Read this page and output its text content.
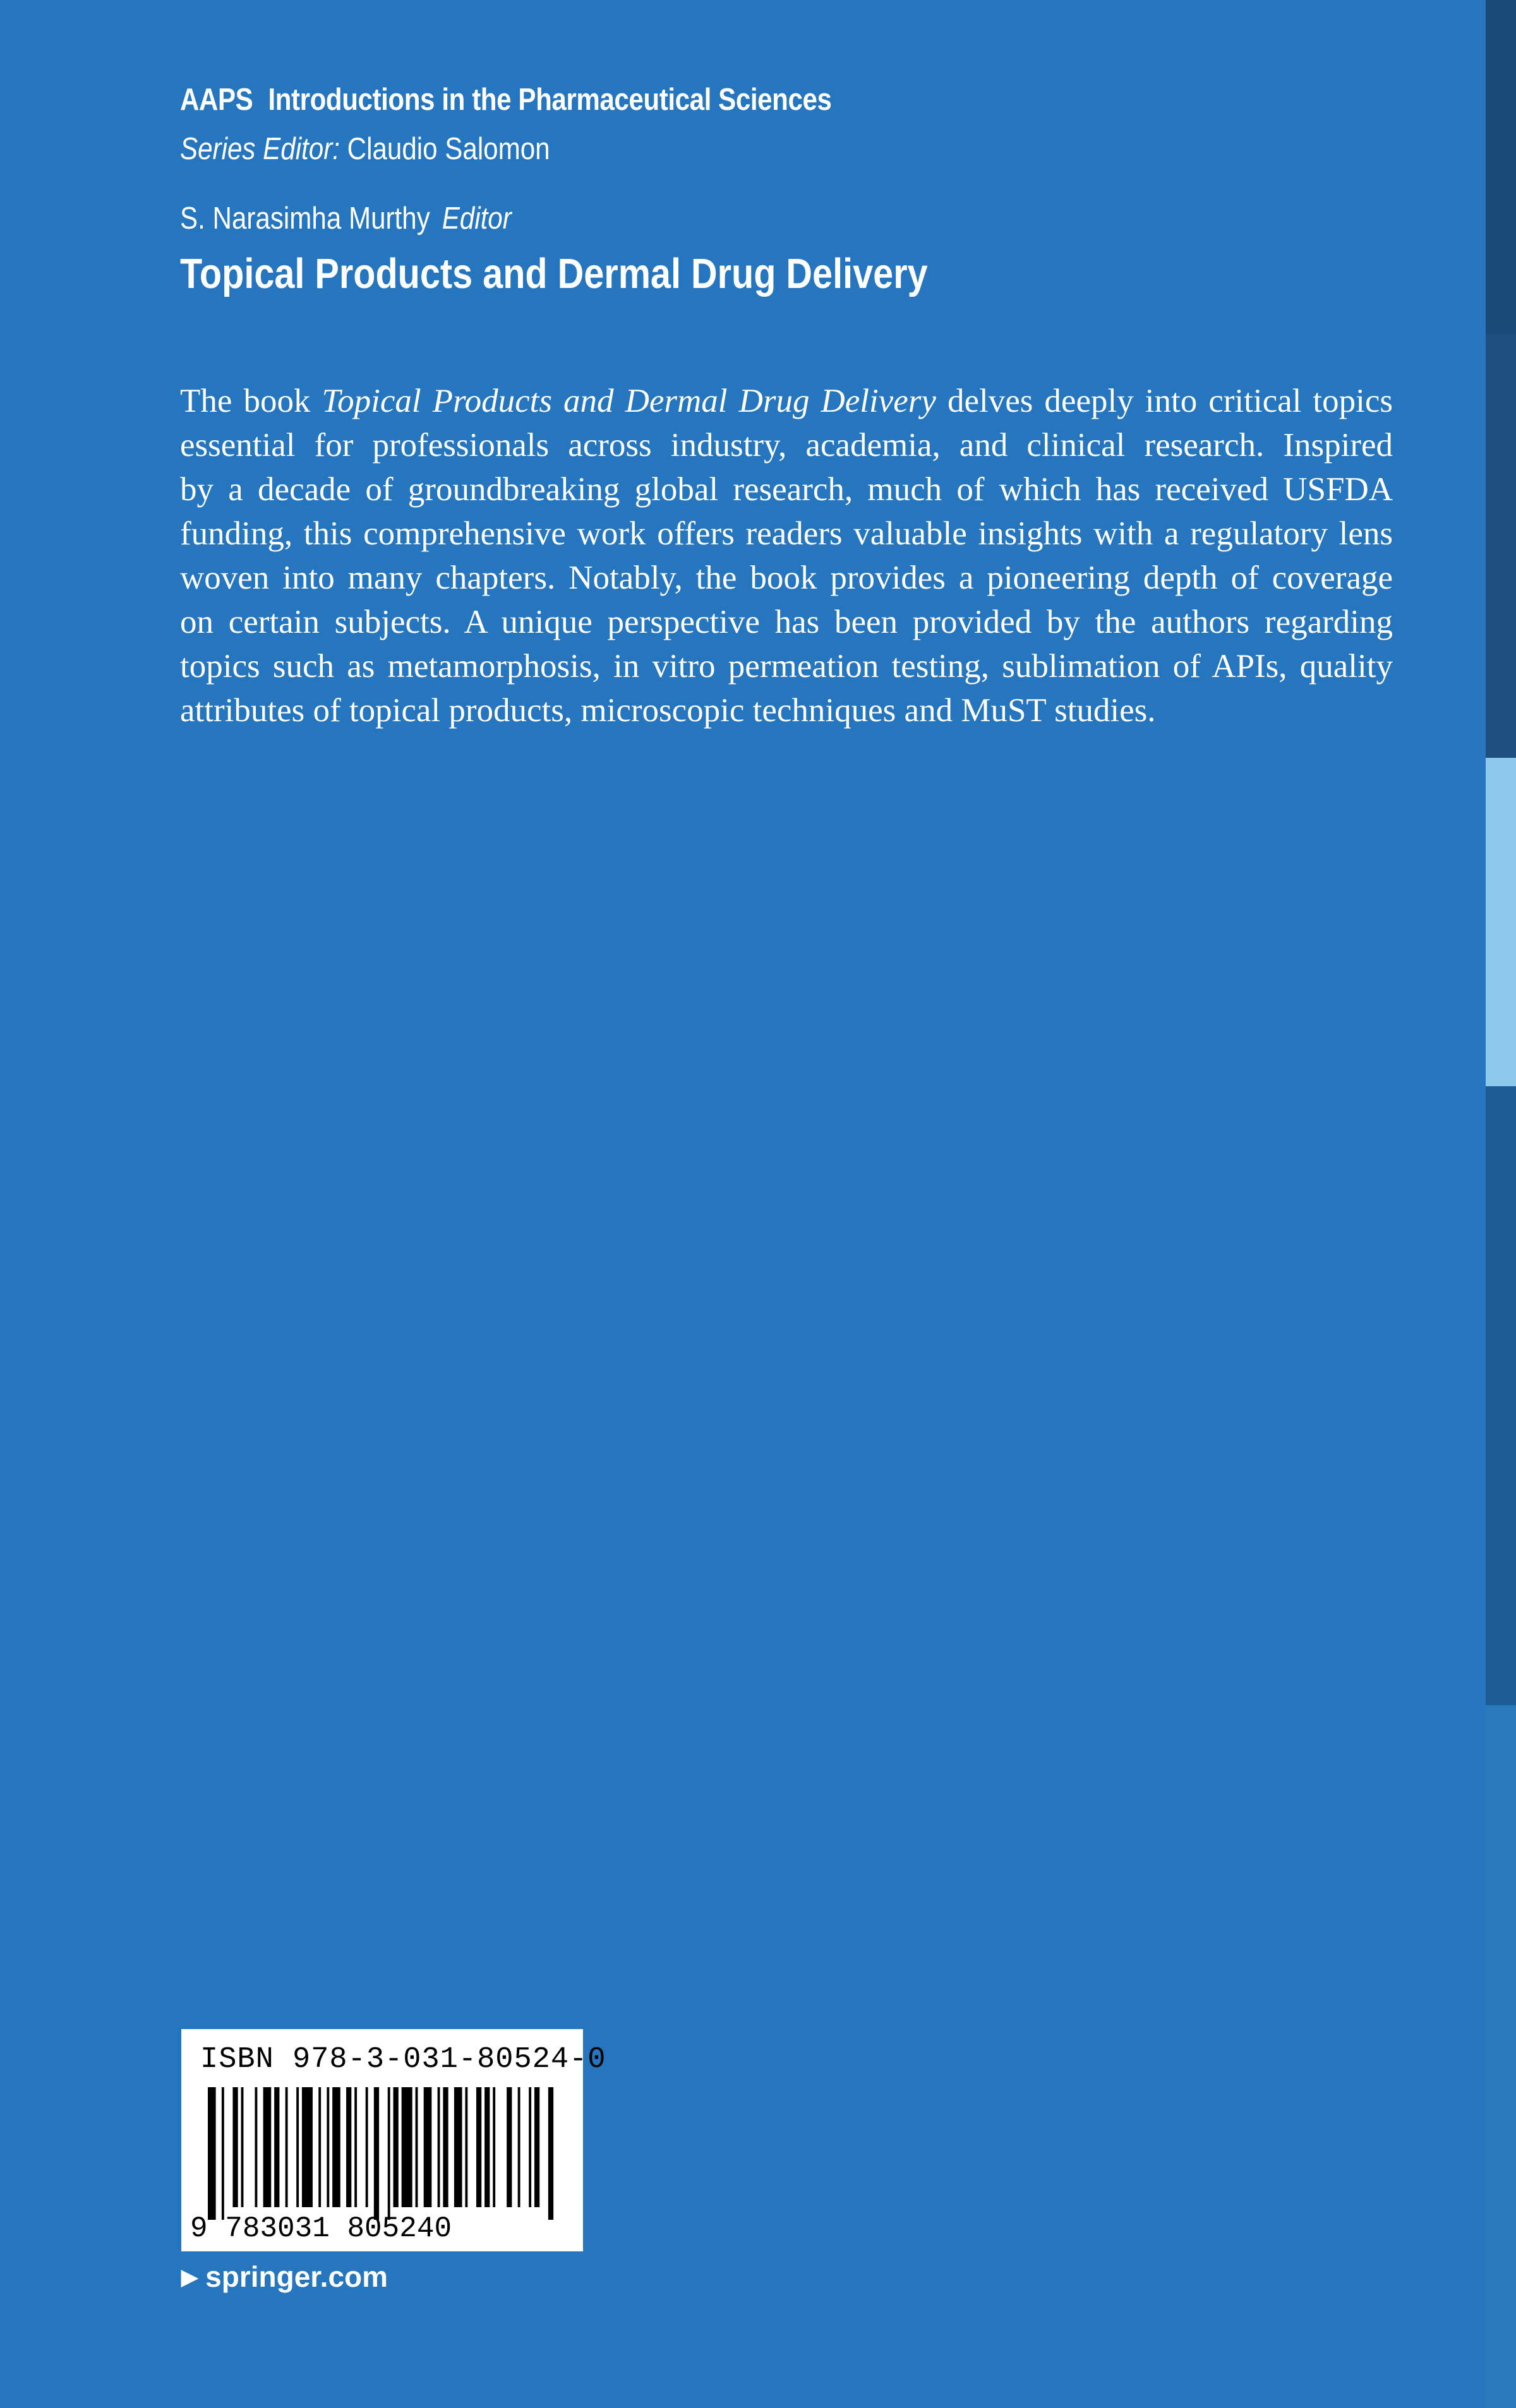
AAPS Introductions in the Pharmaceutical Sciences
Series Editor: Claudio Salomon
S. Narasimha Murthy Editor
Topical Products and Dermal Drug Delivery
The book Topical Products and Dermal Drug Delivery delves deeply into critical topics
essential for professionals across industry, academia, and clinical research. Inspired
by a decade of groundbreaking global research, much of which has received USFDA
funding, this comprehensive work offers readers valuable insights with a regulatory lens
woven into many chapters. Notably, the book provides a pioneering depth of coverage
on certain subjects. A unique perspective has been provided by the authors regarding
topics such as metamorphosis, in vitro permeation testing, sublimation of APIs, quality
attributes of topical products, microscopic techniques and MuST studies.
ISBN 978-3-031-80524-0
9 783031 805240
▶ springer.com
